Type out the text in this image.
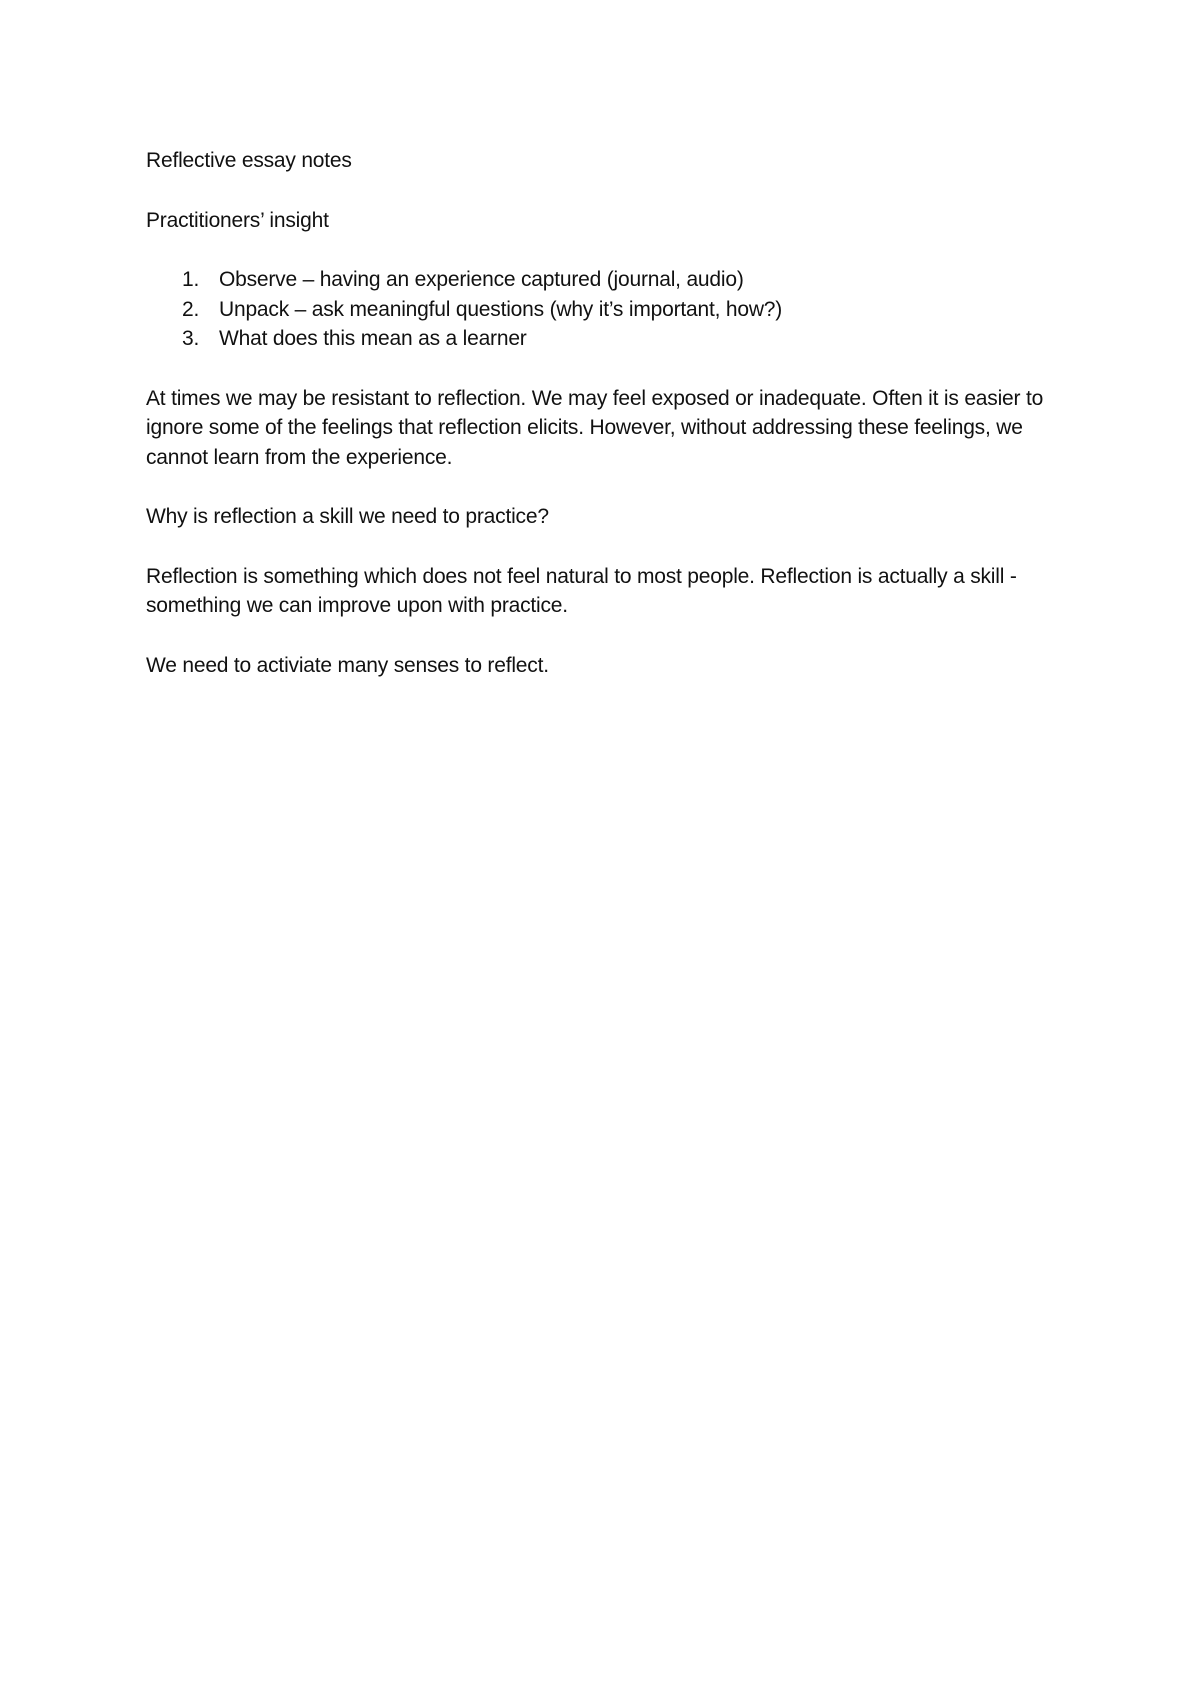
Reflective essay notes

Practitioners’ insight

1. Observe – having an experience captured (journal, audio)
2. Unpack – ask meaningful questions (why it’s important, how?)
3. What does this mean as a learner

At times we may be resistant to reflection. We may feel exposed or inadequate. Often it is easier to ignore some of the feelings that reflection elicits. However, without addressing these feelings, we cannot learn from the experience.

Why is reflection a skill we need to practice?

Reflection is something which does not feel natural to most people. Reflection is actually a skill - something we can improve upon with practice.

We need to activiate many senses to reflect.
